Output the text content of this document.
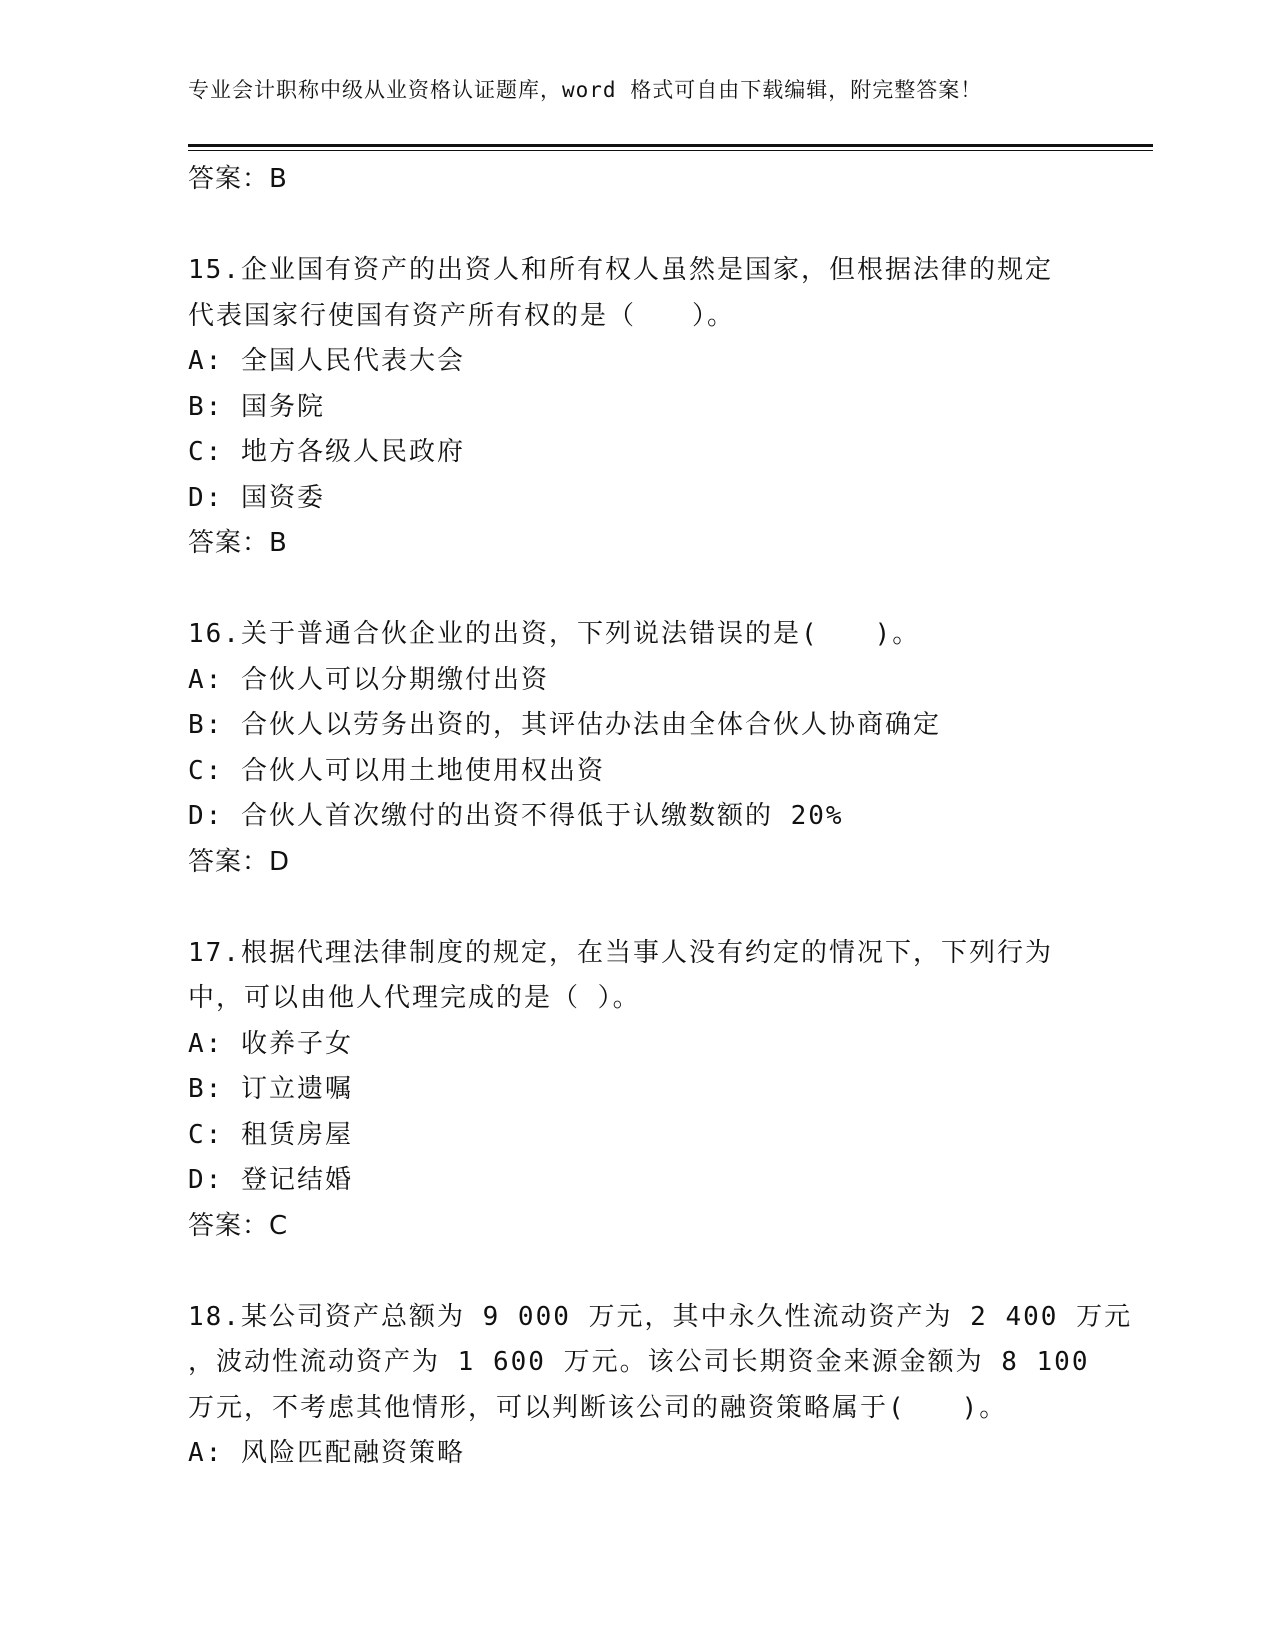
专业会计职称中级从业资格认证题库，word 格式可自由下载编辑，附完整答案！
答案：B
15.企业国有资产的出资人和所有权人虽然是国家，但根据法律的规定
代表国家行使国有资产所有权的是（　　）。
A: 全国人民代表大会
B: 国务院
C: 地方各级人民政府
D: 国资委
答案：B
16.关于普通合伙企业的出资，下列说法错误的是(　　)。
A: 合伙人可以分期缴付出资
B: 合伙人以劳务出资的，其评估办法由全体合伙人协商确定
C: 合伙人可以用土地使用权出资
D: 合伙人首次缴付的出资不得低于认缴数额的 20%
答案：D
17.根据代理法律制度的规定，在当事人没有约定的情况下，下列行为
中，可以由他人代理完成的是（ ）。
A: 收养子女
B: 订立遗嘱
C: 租赁房屋
D: 登记结婚
答案：C
18.某公司资产总额为 9 000 万元，其中永久性流动资产为 2 400 万元
，波动性流动资产为 1 600 万元。该公司长期资金来源金额为 8 100
万元，不考虑其他情形，可以判断该公司的融资策略属于(　　)。
A: 风险匹配融资策略
